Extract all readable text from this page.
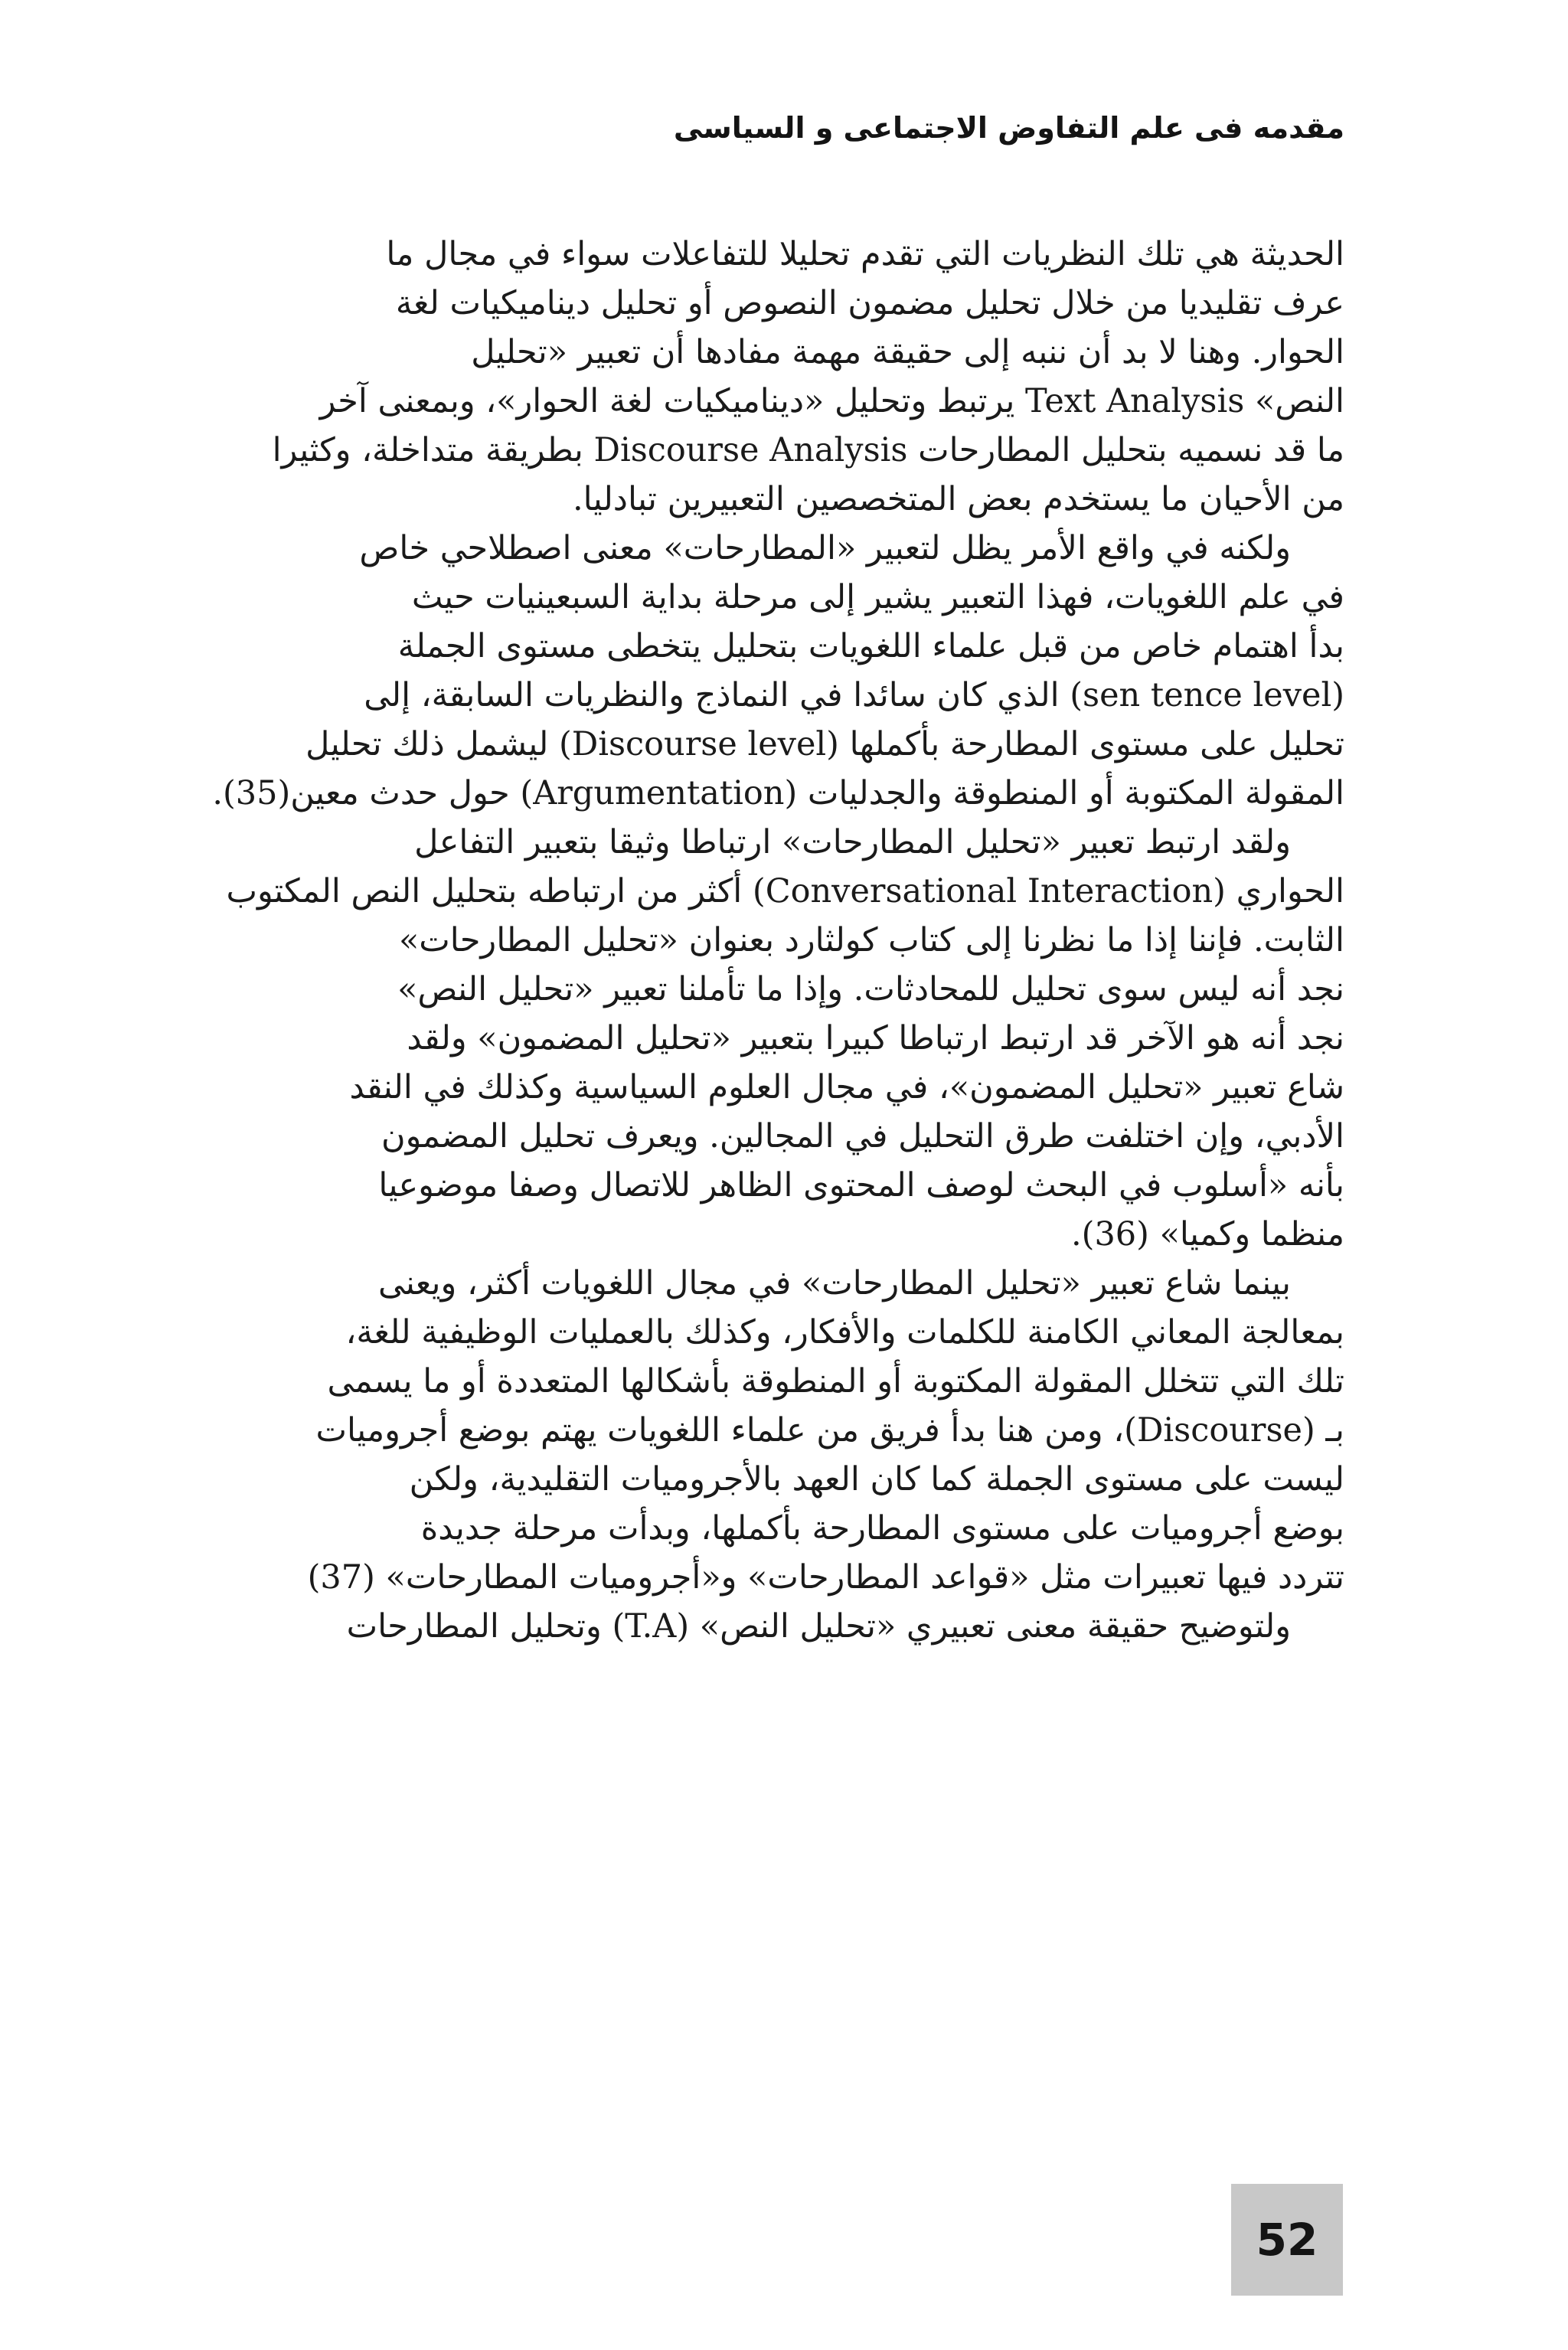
مقدمه فى علم التفاوض الاجتماعى و السياسى
الحديثة هي تلك النظريات التي تقدم تحليلا للتفاعلات سواء في مجال ما
عرف تقليديا من خلال تحليل مضمون النصوص أو تحليل ديناميكيات لغة
الحوار. وهنا لا بد أن ننبه إلى حقيقة مهمة مفادها أن تعبير «تحليل
النص» Text Analysis يرتبط وتحليل «ديناميكيات لغة الحوار»، وبمعنى آخر
ما قد نسميه بتحليل المطارحات Discourse Analysis بطريقة متداخلة، وكثيرا
من الأحيان ما يستخدم بعض المتخصصين التعبيرين تبادليا.
ولكنه في واقع الأمر يظل لتعبير «المطارحات» معنى اصطلاحي خاص
في علم اللغويات، فهذا التعبير يشير إلى مرحلة بداية السبعينيات حيث
بدأ اهتمام خاص من قبل علماء اللغويات بتحليل يتخطى مستوى الجملة
(sen tence level) الذي كان سائدا في النماذج والنظريات السابقة، إلى
تحليل على مستوى المطارحة بأكملها (Discourse level) ليشمل ذلك تحليل
المقولة المكتوبة أو المنطوقة والجدليات (Argumentation) حول حدث معين(35).
ولقد ارتبط تعبير «تحليل المطارحات» ارتباطا وثيقا بتعبير التفاعل
الحواري (Conversational Interaction) أكثر من ارتباطه بتحليل النص المكتوب
الثابت. فإننا إذا ما نظرنا إلى كتاب كولثارد بعنوان «تحليل المطارحات»
نجد أنه ليس سوى تحليل للمحادثات. وإذا ما تأملنا تعبير «تحليل النص»
نجد أنه هو الآخر قد ارتبط ارتباطا كبيرا بتعبير «تحليل المضمون» ولقد
شاع تعبير «تحليل المضمون»، في مجال العلوم السياسية وكذلك في النقد
الأدبي، وإن اختلفت طرق التحليل في المجالين. ويعرف تحليل المضمون
بأنه «أسلوب في البحث لوصف المحتوى الظاهر للاتصال وصفا موضوعيا
منظما وكميا» (36).
بينما شاع تعبير «تحليل المطارحات» في مجال اللغويات أكثر، ويعنى
بمعالجة المعاني الكامنة للكلمات والأفكار، وكذلك بالعمليات الوظيفية للغة،
تلك التي تتخلل المقولة المكتوبة أو المنطوقة بأشكالها المتعددة أو ما يسمى
بـ (Discourse)، ومن هنا بدأ فريق من علماء اللغويات يهتم بوضع أجروميات
ليست على مستوى الجملة كما كان العهد بالأجروميات التقليدية، ولكن
بوضع أجروميات على مستوى المطارحة بأكملها، وبدأت مرحلة جديدة
تتردد فيها تعبيرات مثل «قواعد المطارحات» و«أجروميات المطارحات» (37)
ولتوضيح حقيقة معنى تعبيري «تحليل النص» (T.A) وتحليل المطارحات
52
